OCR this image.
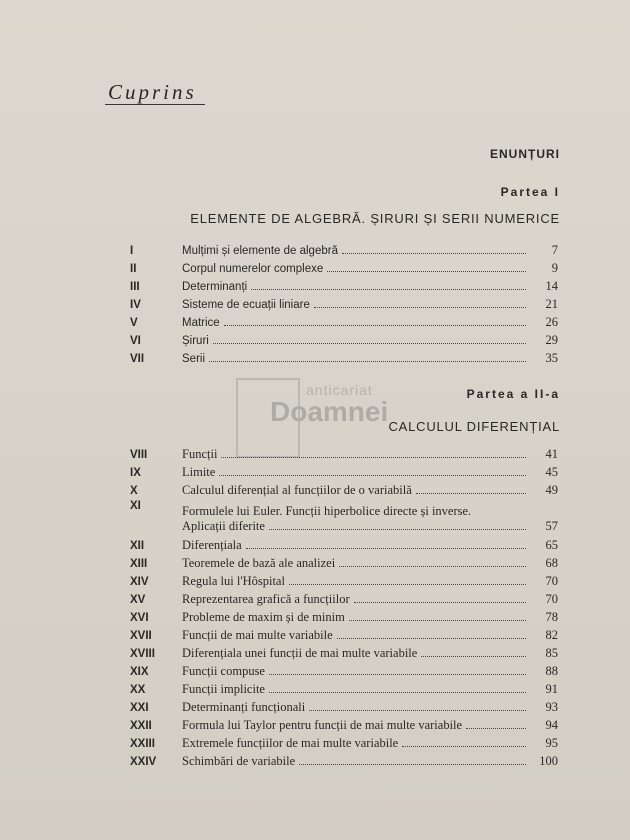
Cuprins
ENUNȚURI
Partea I
ELEMENTE DE ALGEBRĂ. ȘIRURI ȘI SERII NUMERICE
I	Mulțimi și elemente de algebră	7
II	Corpul numerelor complexe	9
III	Determinanți	14
IV	Sisteme de ecuații liniare	21
V	Matrice	26
VI	Șiruri	29
VII	Serii	35
anticariat
Doamnei
Partea a II-a
CALCULUL DIFERENȚIAL
VIII	Funcții	41
IX	Limite	45
X	Calculul diferențial al funcțiilor de o variabilă	49
XI	Formulele lui Euler. Funcții hiperbolice directe și inverse.
Aplicații diferite	57
XII	Diferențiala	65
XIII	Teoremele de bază ale analizei	68
XIV	Regula lui l'Hôspital	70
XV	Reprezentarea grafică a funcțiilor	70
XVI	Probleme de maxim și de minim	78
XVII	Funcții de mai multe variabile	82
XVIII	Diferențiala unei funcții de mai multe variabile	85
XIX	Funcții compuse	88
XX	Funcții implicite	91
XXI	Determinanți funcționali	93
XXII	Formula lui Taylor pentru funcții de mai multe variabile	94
XXIII	Extremele funcțiilor de mai multe variabile	95
XXIV	Schimbări de variabile	100
